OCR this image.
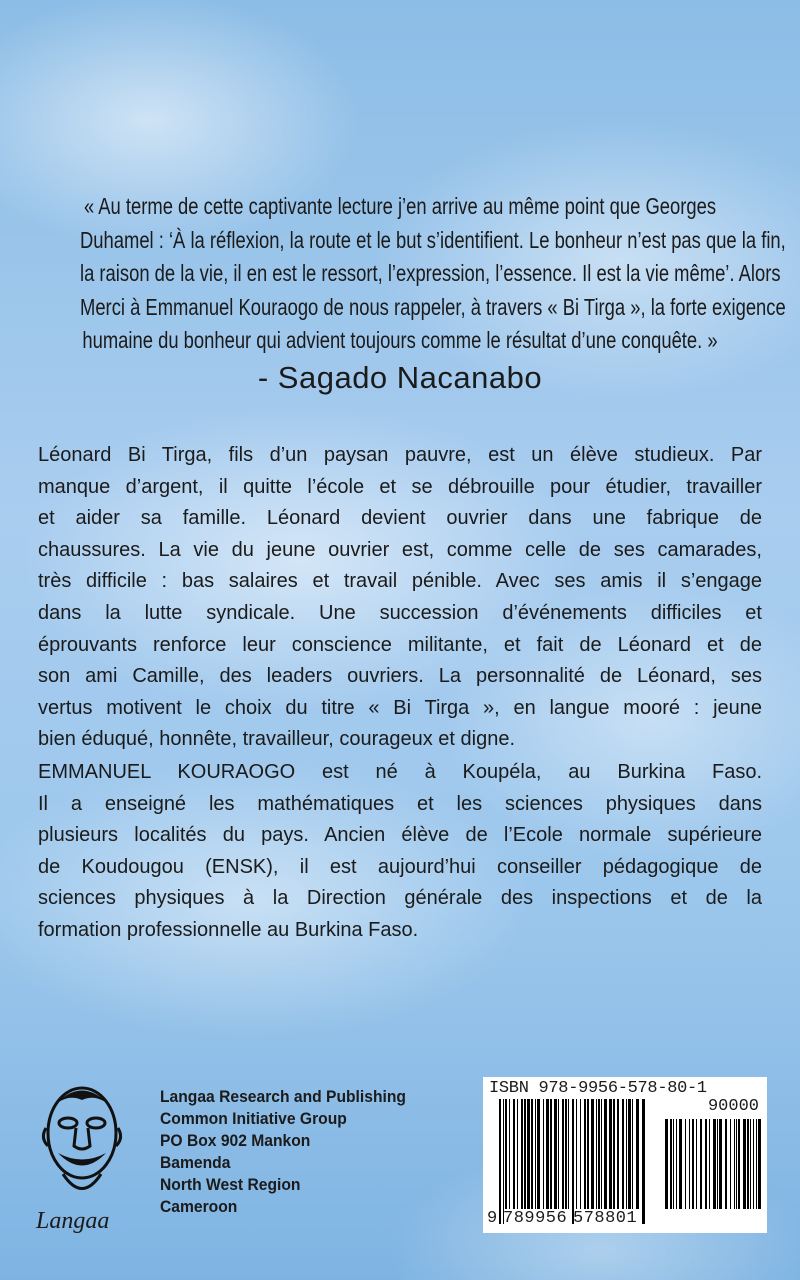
« Au terme de cette captivante lecture j’en arrive au même point que Georges
Duhamel : ‘À la réflexion, la route et le but s’identifient. Le bonheur n’est pas que la fin,
la raison de la vie, il en est le ressort, l’expression, l’essence. Il est la vie même’. Alors
Merci à Emmanuel Kouraogo de nous rappeler, à travers « Bi Tirga », la forte exigence
humaine du bonheur qui advient toujours comme le résultat d’une conquête. »
- Sagado Nacanabo
Léonard Bi Tirga, fils d’un paysan pauvre, est un élève studieux. Par
manque d’argent, il quitte l’école et se débrouille pour étudier, travailler
et aider sa famille. Léonard devient ouvrier dans une fabrique de
chaussures. La vie du jeune ouvrier est, comme celle de ses camarades,
très difficile : bas salaires et travail pénible. Avec ses amis il s’engage
dans la lutte syndicale. Une succession d’événements difficiles et
éprouvants renforce leur conscience militante, et fait de Léonard et de
son ami Camille, des leaders ouvriers. La personnalité de Léonard, ses
vertus motivent le choix du titre « Bi Tirga », en langue mooré : jeune
bien éduqué, honnête, travailleur, courageux et digne.
EMMANUEL KOURAOGO est né à Koupéla, au Burkina Faso.
Il a enseigné les mathématiques et les sciences physiques dans
plusieurs localités du pays. Ancien élève de l’Ecole normale supérieure
de Koudougou (ENSK), il est aujourd’hui conseiller pédagogique de
sciences physiques à la Direction générale des inspections et de la
formation professionnelle au Burkina Faso.
Langaa
Langaa Research and Publishing
Common Initiative Group
PO Box 902 Mankon
Bamenda
North West Region
Cameroon
ISBN 978-9956-578-80-1
90000
9 789956 578801
